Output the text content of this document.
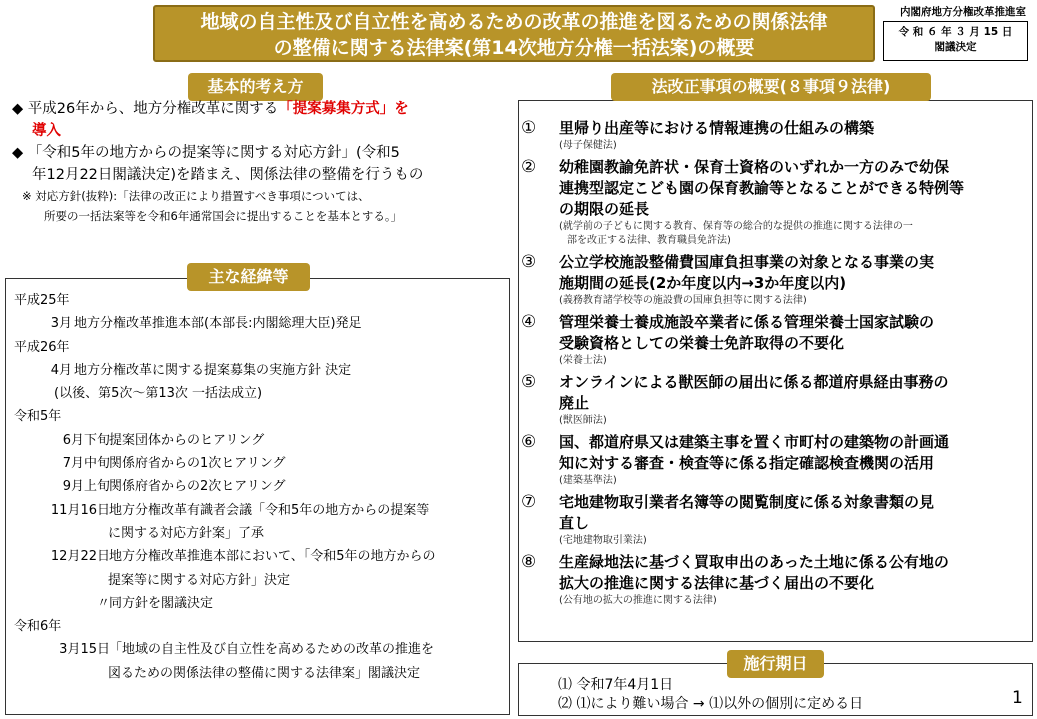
地域の自主性及び自立性を高めるための改革の推進を図るための関係法律
の整備に関する法律案(第14次地方分権一括法案)の概要
内閣府地方分権改革推進室
令 和 ６ 年 ３ 月 15 日
閣議決定
基本的考え方
◆ 平成26年から、地方分権改革に関する「提案募集方式」を
導入
◆ 「令和5年の地方からの提案等に関する対応方針」(令和5
年12月22日閣議決定)を踏まえ、関係法律の整備を行うもの
※ 対応方針(抜粋):「法律の改正により措置すべき事項については、
所要の一括法案等を令和6年通常国会に提出することを基本とする。」
主な経緯等
平成25年
3月 地方分権改革推進本部(本部長:内閣総理大臣)発足
平成26年
4月 地方分権改革に関する提案募集の実施方針 決定
(以後、第5次～第13次 一括法成立)
令和5年
6月下旬 提案団体からのヒアリング
7月中旬 関係府省からの1次ヒアリング
9月上旬 関係府省からの2次ヒアリング
11月16日 地方分権改革有識者会議「令和5年の地方からの提案等
に関する対応方針案」了承
12月22日 地方分権改革推進本部において、「令和5年の地方からの
提案等に関する対応方針」決定
〃 同方針を閣議決定
令和6年
3月15日 「地域の自主性及び自立性を高めるための改革の推進を
図るための関係法律の整備に関する法律案」閣議決定
法改正事項の概要(８事項９法律)
① 里帰り出産等における情報連携の仕組みの構築
(母子保健法)
② 幼稚園教諭免許状・保育士資格のいずれか一方のみで幼保
連携型認定こども園の保育教諭等となることができる特例等
の期限の延長
(就学前の子どもに関する教育、保育等の総合的な提供の推進に関する法律の一
部を改正する法律、教育職員免許法)
③ 公立学校施設整備費国庫負担事業の対象となる事業の実
施期間の延長(2か年度以内→3か年度以内)
(義務教育諸学校等の施設費の国庫負担等に関する法律)
④ 管理栄養士養成施設卒業者に係る管理栄養士国家試験の
受験資格としての栄養士免許取得の不要化
(栄養士法)
⑤ オンラインによる獣医師の届出に係る都道府県経由事務の
廃止
(獣医師法)
⑥ 国、都道府県又は建築主事を置く市町村の建築物の計画通
知に対する審査・検査等に係る指定確認検査機関の活用
(建築基準法)
⑦ 宅地建物取引業者名簿等の閲覧制度に係る対象書類の見
直し
(宅地建物取引業法)
⑧ 生産緑地法に基づく買取申出のあった土地に係る公有地の
拡大の推進に関する法律に基づく届出の不要化
(公有地の拡大の推進に関する法律)
施行期日
⑴ 令和7年4月1日
⑵ ⑴により難い場合 → ⑴以外の個別に定める日	1
